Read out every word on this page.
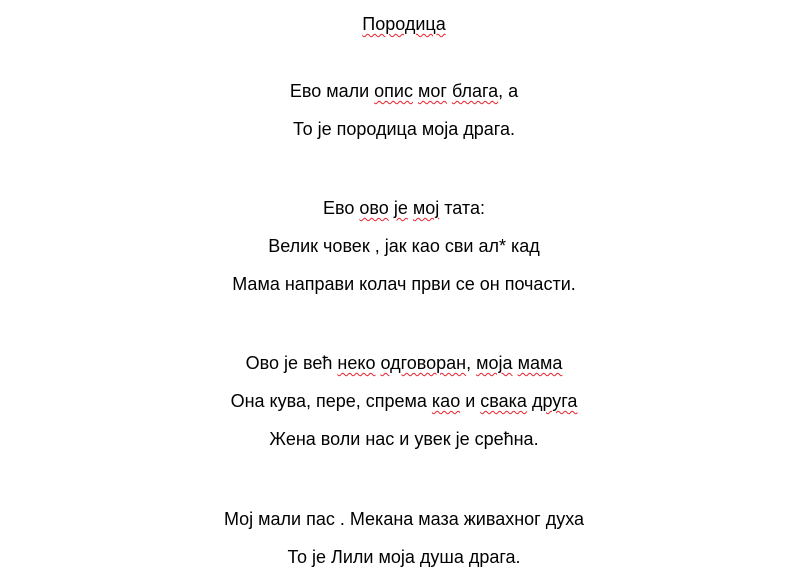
Породица
Ево мали опис мог блага, а
То је породица моја драга.
Ево ово је мој тата:
Велик човек , јак као сви ал* кад
Мама направи колач први се он почасти.
Ово је већ неко одговоран, моја мама
Она кува, пере, спрема као и свака друга
Жена воли нас и увек је срећна.
Мој мали пас . Мекана маза живахног духа
То је Лили моја душа драга.
